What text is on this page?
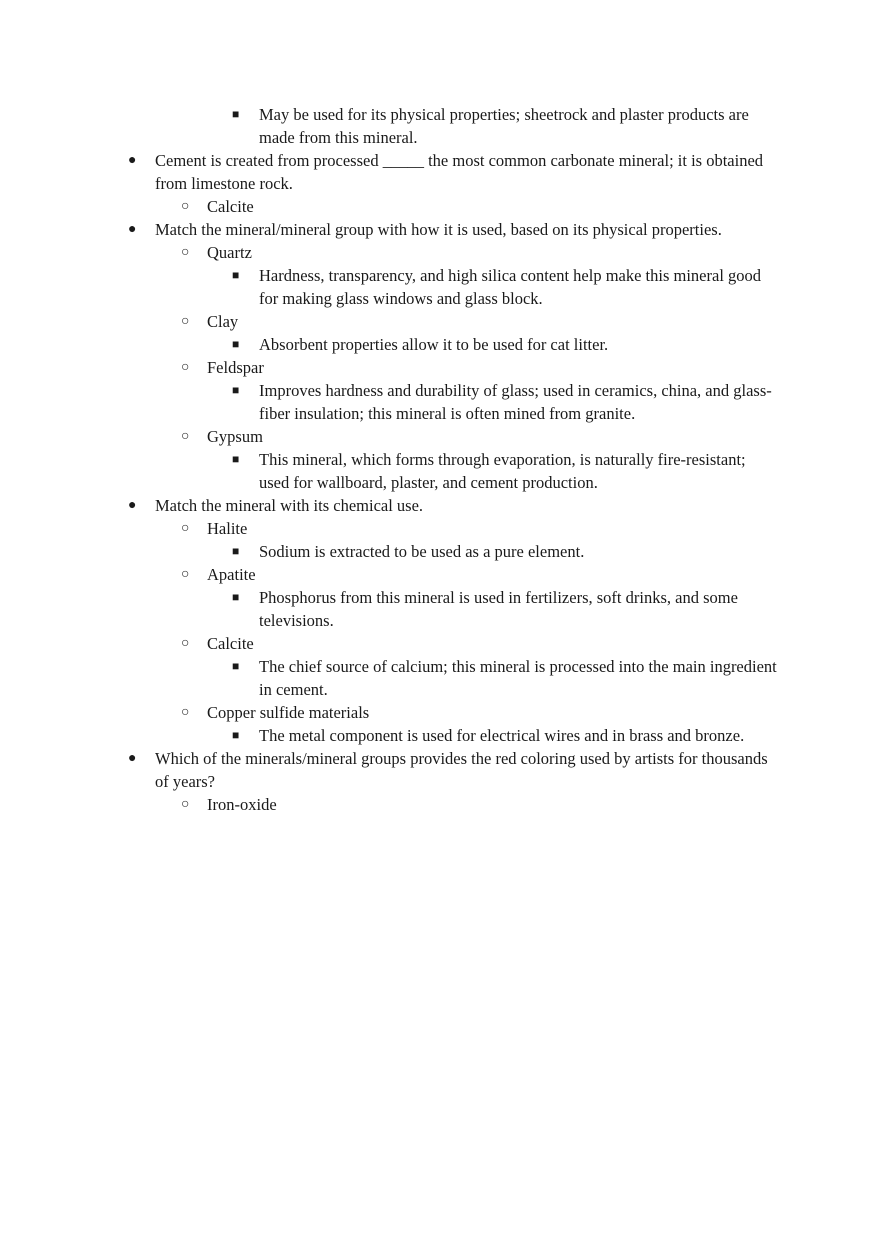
■ May be used for its physical properties; sheetrock and plaster products are made from this mineral.
● Cement is created from processed _____ the most common carbonate mineral; it is obtained from limestone rock.
○ Calcite
● Match the mineral/mineral group with how it is used, based on its physical properties.
○ Quartz
■ Hardness, transparency, and high silica content help make this mineral good for making glass windows and glass block.
○ Clay
■ Absorbent properties allow it to be used for cat litter.
○ Feldspar
■ Improves hardness and durability of glass; used in ceramics, china, and glass-fiber insulation; this mineral is often mined from granite.
○ Gypsum
■ This mineral, which forms through evaporation, is naturally fire-resistant; used for wallboard, plaster, and cement production.
● Match the mineral with its chemical use.
○ Halite
■ Sodium is extracted to be used as a pure element.
○ Apatite
■ Phosphorus from this mineral is used in fertilizers, soft drinks, and some televisions.
○ Calcite
■ The chief source of calcium; this mineral is processed into the main ingredient in cement.
○ Copper sulfide materials
■ The metal component is used for electrical wires and in brass and bronze.
● Which of the minerals/mineral groups provides the red coloring used by artists for thousands of years?
○ Iron-oxide
